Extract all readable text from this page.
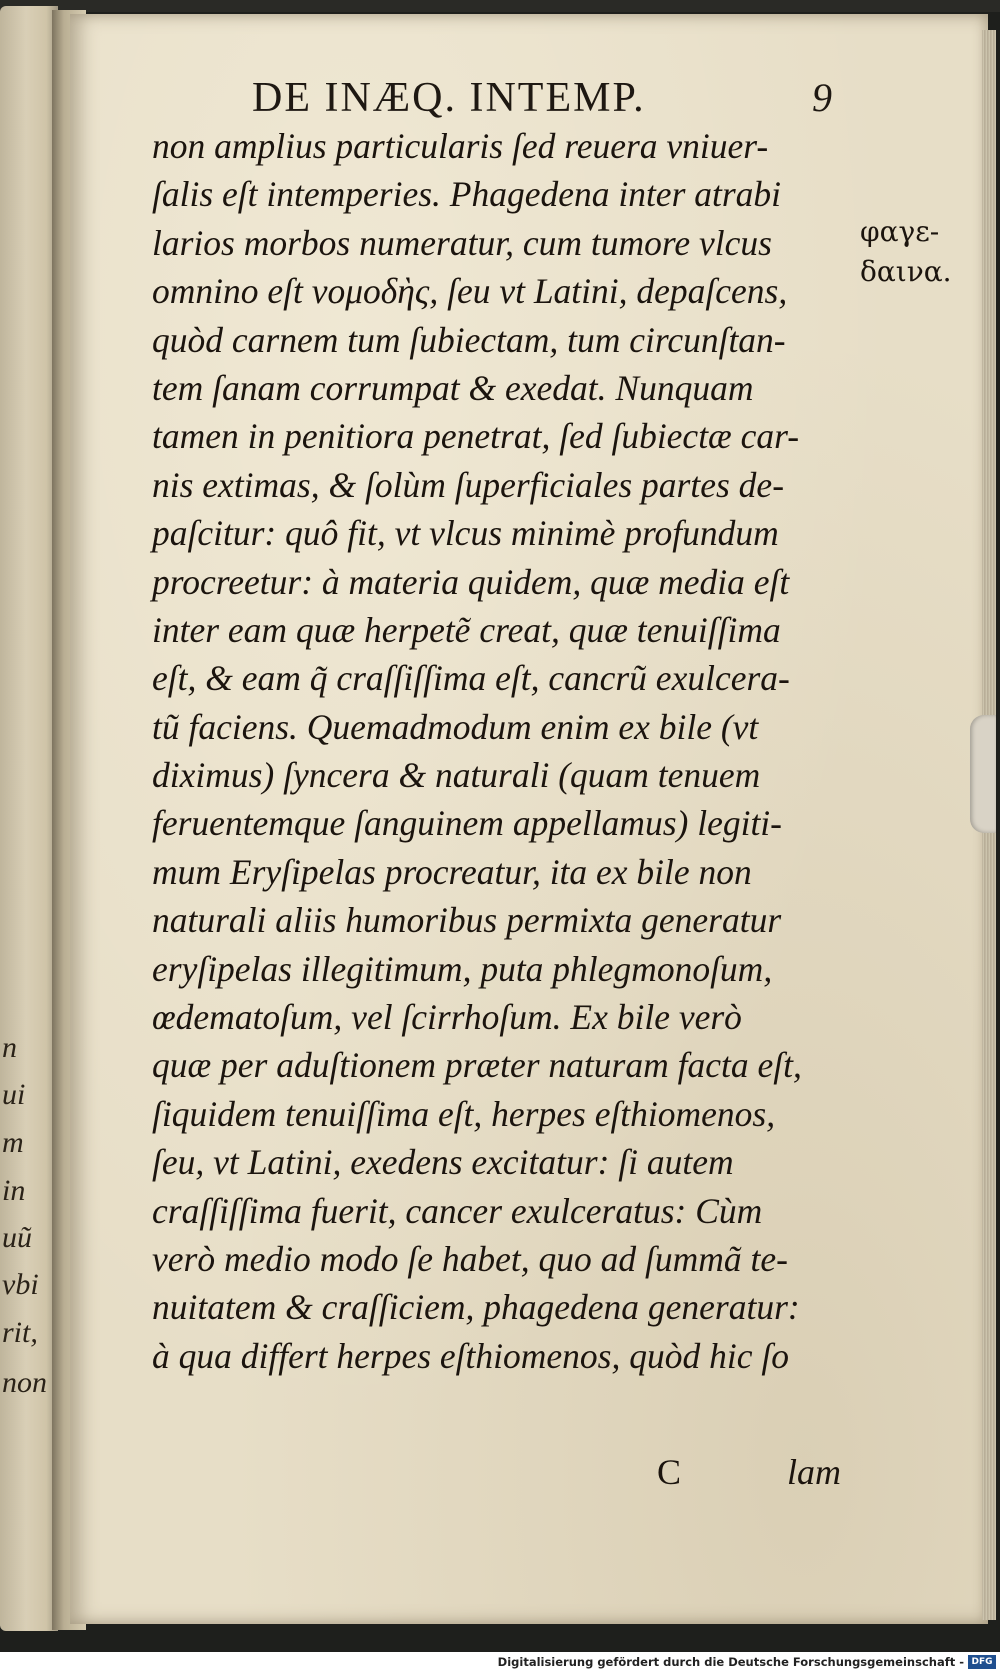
n
ui
m
in
uũ
vbi
rit,
non
DE INÆQ. INTEMP.	9
non amplius particularis ſed reuera vniuer-
ſalis eſt intemperies. Phagedena inter atrabi
larios morbos numeratur, cum tumore vlcus
omnino eſt νομοδὴς, ſeu vt Latini, depaſcens,
quòd carnem tum ſubiectam, tum circunſtan-
tem ſanam corrumpat & exedat. Nunquam
tamen in penitiora penetrat, ſed ſubiectæ car-
nis extimas, & ſolùm ſuperficiales partes de-
paſcitur: quô fit, vt vlcus minimè profundum
procreetur: à materia quidem, quæ media eſt
inter eam quæ herpetẽ creat, quæ tenuiſſima
eſt, & eam q̃ craſſiſſima eſt, cancrũ exulcera-
tũ faciens. Quemadmodum enim ex bile (vt
diximus) ſyncera & naturali (quam tenuem
feruentemque ſanguinem appellamus) legiti-
mum Eryſipelas procreatur, ita ex bile non
naturali aliis humoribus permixta generatur
eryſipelas illegitimum, puta phlegmonoſum,
œdematoſum, vel ſcirrhoſum. Ex bile verò
quæ per aduſtionem præter naturam facta eſt,
ſiquidem tenuiſſima eſt, herpes eſthiomenos,
ſeu, vt Latini, exedens excitatur: ſi autem
craſſiſſima fuerit, cancer exulceratus: Cùm
verò medio modo ſe habet, quo ad ſummã te-
nuitatem & craſſiciem, phagedena generatur:
à qua differt herpes eſthiomenos, quòd hic ſo
C	lam
φαγε-
δαινα.
Digitalisierung gefördert durch die Deutsche Forschungsgemeinschaft - DFG
